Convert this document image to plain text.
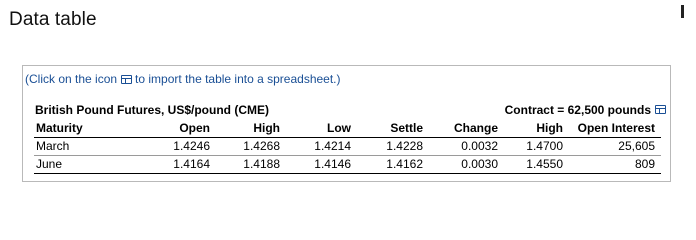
Data table
(Click on the icon to import the table into a spreadsheet.)
British Pound Futures, US$/pound (CME)	Contract = 62,500 pounds
Maturity	Open	High	Low	Settle	Change	High	Open Interest
March	1.4246	1.4268	1.4214	1.4228	0.0032	1.4700	25,605
June	1.4164	1.4188	1.4146	1.4162	0.0030	1.4550	809
